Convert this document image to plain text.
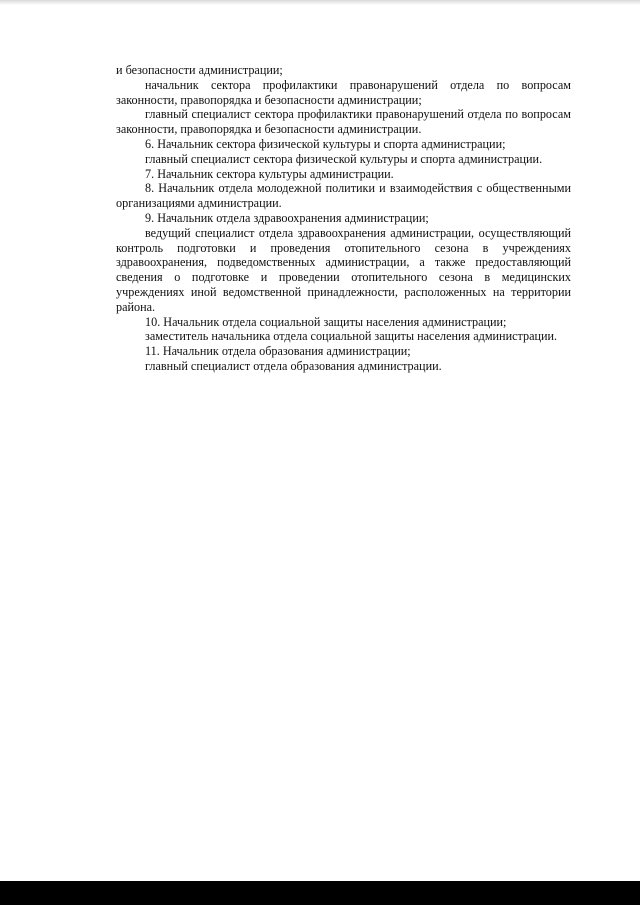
и безопасности администрации;

начальник сектора профилактики правонарушений отдела по вопросам законности, правопорядка и безопасности администрации;

главный специалист сектора профилактики правонарушений отдела по вопросам законности, правопорядка и безопасности администрации.

6. Начальник сектора физической культуры и спорта администрации;

главный специалист сектора физической культуры и спорта администрации.

7. Начальник сектора культуры администрации.

8. Начальник отдела молодежной политики и взаимодействия с общественными организациями администрации.

9. Начальник отдела здравоохранения администрации;

ведущий специалист отдела здравоохранения администрации, осуществляющий контроль подготовки и проведения отопительного сезона в учреждениях здравоохранения, подведомственных администрации, а также предоставляющий сведения о подготовке и проведении отопительного сезона в медицинских учреждениях иной ведомственной принадлежности, расположенных на территории района.

10. Начальник отдела социальной защиты населения администрации;

заместитель начальника отдела социальной защиты населения администрации.

11. Начальник отдела образования администрации;

главный специалист отдела образования администрации.
